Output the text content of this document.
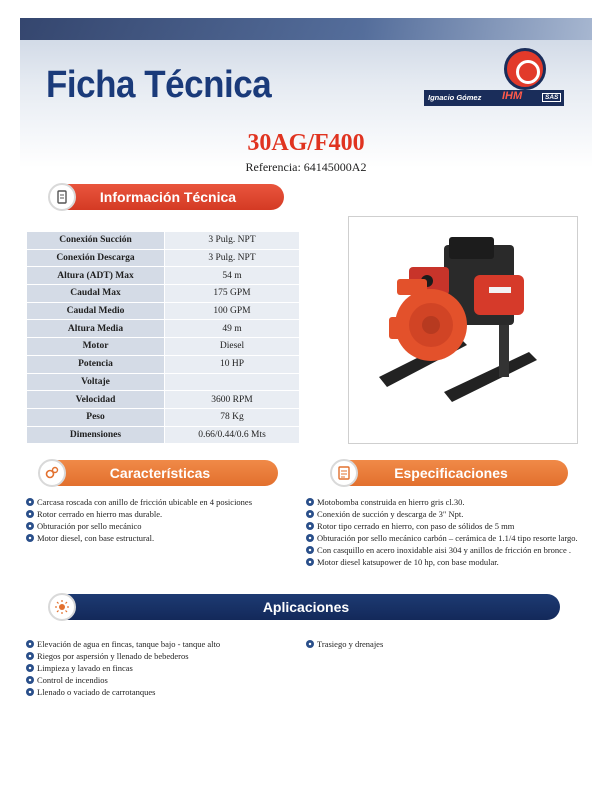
Ficha Técnica	Ignacio Gómez IHM	SAS
30AG/F400
Referencia: 64145000A2
Información Técnica
Conexión Succión	3 Pulg. NPT
Conexión Descarga	3 Pulg. NPT
Altura (ADT) Max	54 m
Caudal Max	175 GPM
Caudal Medio	100 GPM
Altura Media	49 m
Motor	Diesel
Potencia	10 HP
Voltaje	
Velocidad	3600 RPM
Peso	78 Kg
Dimensiones	0.66/0.44/0.6 Mts
Características
Carcasa roscada con anillo de fricción ubicable en 4 posiciones
Rotor cerrado en hierro mas durable.
Obturación por sello mecánico
Motor diesel, con base estructural.
Especificaciones
Motobomba construida en hierro gris cl.30.
Conexión de succión y descarga de 3" Npt.
Rotor tipo cerrado en hierro, con paso de sólidos de 5 mm
Obturación por sello mecánico carbón – cerámica de 1.1/4 tipo resorte largo.
Con casquillo en acero inoxidable aisi 304 y anillos de fricción en bronce .
Motor diesel katsupower de 10 hp, con base modular.
Aplicaciones
Elevación de agua en fincas, tanque bajo - tanque alto
Riegos por aspersión y llenado de bebederos
Limpieza y lavado en fincas
Control de incendios
Llenado o vaciado de carrotanques
Trasiego y drenajes
